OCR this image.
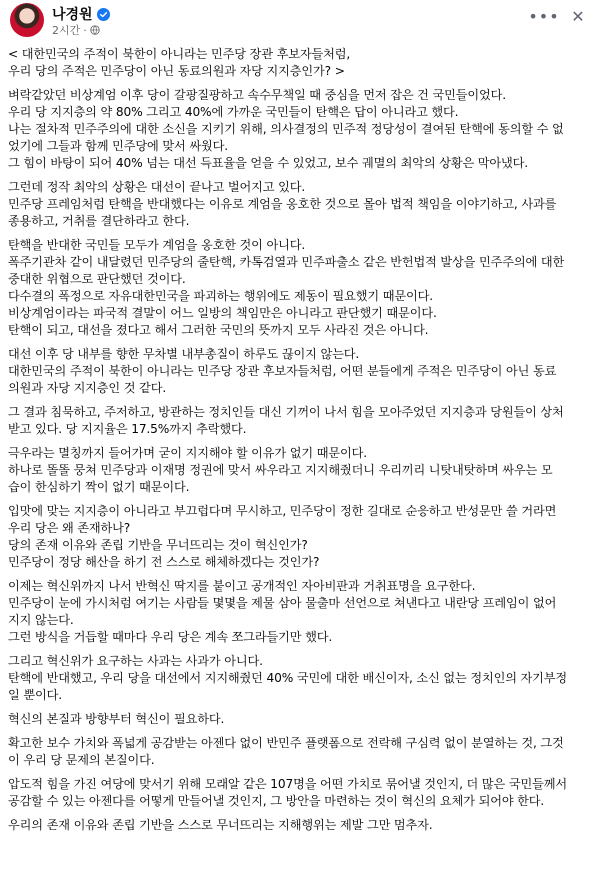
나경원
2시간 ·
••• ✕
< 대한민국의 주적이 북한이 아니라는 민주당 장관 후보자들처럼,
우리 당의 주적은 민주당이 아닌 동료의원과 자당 지지층인가? >
벼락같았던 비상계엄 이후 당이 갈팡질팡하고 속수무책일 때 중심을 먼저 잡은 건 국민들이었다.
우리 당 지지층의 약 80% 그리고 40%에 가까운 국민들이 탄핵은 답이 아니라고 했다.
나는 절차적 민주주의에 대한 소신을 지키기 위해, 의사결정의 민주적 정당성이 결여된 탄핵에 동의할 수 없
었기에 그들과 함께 민주당에 맞서 싸웠다.
그 힘이 바탕이 되어 40% 넘는 대선 득표율을 얻을 수 있었고, 보수 궤멸의 최악의 상황은 막아냈다.
그런데 정작 최악의 상황은 대선이 끝나고 벌어지고 있다.
민주당 프레임처럼 탄핵을 반대했다는 이유로 계엄을 옹호한 것으로 몰아 법적 책임을 이야기하고, 사과를
종용하고, 거취를 결단하라고 한다.
탄핵을 반대한 국민들 모두가 계엄을 옹호한 것이 아니다.
폭주기관차 같이 내달렸던 민주당의 줄탄핵, 카톡검열과 민주파출소 같은 반헌법적 발상을 민주주의에 대한
중대한 위협으로 판단했던 것이다.
다수결의 폭정으로 자유대한민국을 파괴하는 행위에도 제동이 필요했기 때문이다.
비상계엄이라는 파국적 결말이 어느 일방의 책임만은 아니라고 판단했기 때문이다.
탄핵이 되고, 대선을 졌다고 해서 그러한 국민의 뜻까지 모두 사라진 것은 아니다.
대선 이후 당 내부를 향한 무차별 내부총질이 하루도 끊이지 않는다.
대한민국의 주적이 북한이 아니라는 민주당 장관 후보자들처럼, 어떤 분들에게 주적은 민주당이 아닌 동료
의원과 자당 지지층인 것 같다.
그 결과 침묵하고, 주저하고, 방관하는 정치인들 대신 기꺼이 나서 힘을 모아주었던 지지층과 당원들이 상처
받고 있다. 당 지지율은 17.5%까지 추락했다.
극우라는 멸칭까지 들어가며 굳이 지지해야 할 이유가 없기 때문이다.
하나로 똘똘 뭉쳐 민주당과 이재명 정권에 맞서 싸우라고 지지해줬더니 우리끼리 니탓내탓하며 싸우는 모
습이 한심하기 짝이 없기 때문이다.
입맛에 맞는 지지층이 아니라고 부끄럽다며 무시하고, 민주당이 정한 길대로 순응하고 반성문만 쓸 거라면
우리 당은 왜 존재하나?
당의 존재 이유와 존립 기반을 무너뜨리는 것이 혁신인가?
민주당이 정당 해산을 하기 전 스스로 해체하겠다는 것인가?
이제는 혁신위까지 나서 반혁신 딱지를 붙이고 공개적인 자아비판과 거취표명을 요구한다.
민주당이 눈에 가시처럼 여기는 사람들 몇몇을 제물 삼아 물출마 선언으로 쳐낸다고 내란당 프레임이 없어
지지 않는다.
그런 방식을 거듭할 때마다 우리 당은 계속 쪼그라들기만 했다.
그리고 혁신위가 요구하는 사과는 사과가 아니다.
탄핵에 반대했고, 우리 당을 대선에서 지지해줬던 40% 국민에 대한 배신이자, 소신 없는 정치인의 자기부정
일 뿐이다.
혁신의 본질과 방향부터 혁신이 필요하다.
확고한 보수 가치와 폭넓게 공감받는 아젠다 없이 반민주 플랫폼으로 전락해 구심력 없이 분열하는 것, 그것
이 우리 당 문제의 본질이다.
압도적 힘을 가진 여당에 맞서기 위해 모래알 같은 107명을 어떤 가치로 묶어낼 것인지, 더 많은 국민들께서
공감할 수 있는 아젠다를 어떻게 만들어낼 것인지, 그 방안을 마련하는 것이 혁신의 요체가 되어야 한다.
우리의 존재 이유와 존립 기반을 스스로 무너뜨리는 지해행위는 제발 그만 멈추자.
